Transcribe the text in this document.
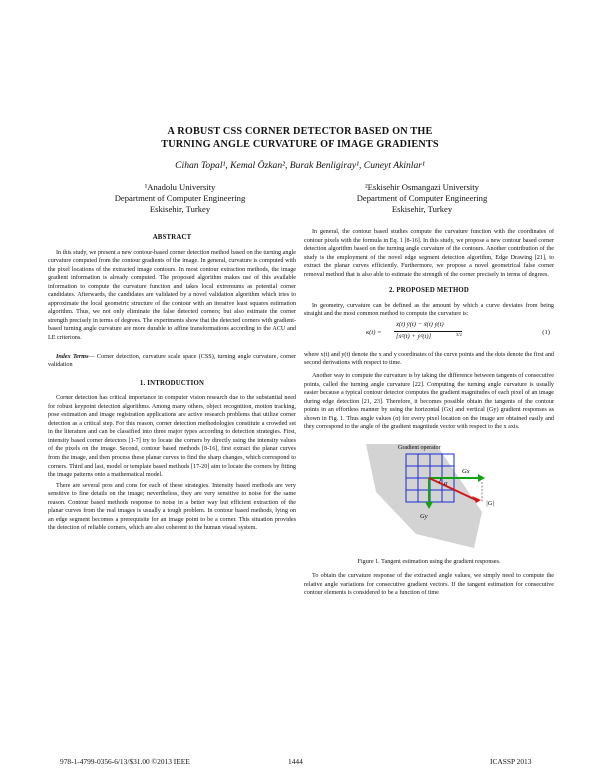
A ROBUST CSS CORNER DETECTOR BASED ON THE
TURNING ANGLE CURVATURE OF IMAGE GRADIENTS
Cihan Topal¹, Kemal Özkan², Burak Benligiray¹, Cuneyt Akinlar¹
¹Anadolu University
Department of Computer Engineering
Eskisehir, Turkey
²Eskisehir Osmangazi University
Department of Computer Engineering
Eskisehir, Turkey
ABSTRACT

In this study, we present a new contour-based corner detection method based on the turning angle curvature computed from the contour gradients of the image. In general, curvature is computed with the pixel locations of the extracted image contours. In most contour extraction methods, the image gradient information is already computed. The proposed algorithm makes use of this available information to compute the curvature function and takes local extremums as potential corner candidates. Afterwards, the candidates are validated by a novel validation algorithm which tries to approximate the local geometric structure of the contour with an iterative least squares estimation algorithm. Thus, we not only eliminate the false detected corners; but also estimate the corner strength precisely in terms of degrees. The experiments show that the detected corners with gradient-based turning angle curvature are more durable to affine transformations according to the ACU and LE criterions.

Index Terms— Corner detection, curvature scale space (CSS), turning angle curvature, corner validation

1. INTRODUCTION

Corner detection has critical importance in computer vision research due to the substantial need for robust keypoint detection algorithms. Among many others, object recognition, motion tracking, pose estimation and image registration applications are active research problems that utilize corner detection as a critical step. For this reason, corner detection methodologies constitute a crowded set in the literature and can be classified into three major types according to detection strategies. First, intensity based corner detectors [1-7] try to locate the corners by directly using the intensity values of the pixels on the image. Second, contour based methods [8-16], first extract the planar curves from the image, and then process these planar curves to find the sharp changes, which correspond to corners. Third and last, model or template based methods [17-20] aim to locate the corners by fitting the image patterns onto a mathematical model.

There are several pros and cons for each of these strategies. Intensity based methods are very sensitive to fine details on the image; nevertheless, they are very sensitive to noise for the same reason. Contour based methods response to noise in a better way but efficient extraction of the planar curves from the real images is usually a tough problem. In contour based methods, lying on an edge segment becomes a prerequisite for an image point to be a corner. This situation provides the detection of reliable corners, which are also coherent to the human visual system.

In general, the contour based studies compute the curvature function with the coordinates of contour pixels with the formula in Eq. 1 [8-16]. In this study, we propose a new contour based corner detection algorithm based on the turning angle curvature of the contours. Another contribution of the study is the employment of the novel edge segment detection algorithm, Edge Drawing [21], to extract the planar curves efficiently. Furthermore, we propose a novel geometrical false corner removal method that is also able to estimate the strength of the corner precisely in terms of degrees.

2. PROPOSED METHOD

In geometry, curvature can be defined as the amount by which a curve deviates from being straight and the most common method to compute the curvature is:

κ(t) =
ẋ(t) ÿ(t) − ẍ(t) ẏ(t)
[ẋ²(t) + ẏ²(t)]	3/2	(1)

where x(t) and y(t) denote the x and y coordinates of the curve points and the dots denote the first and second derivations with respect to time.

Another way to compute the curvature is by taking the difference between tangents of consecutive points, called the turning angle curvature [22]. Computing the turning angle curvature is usually easier because a typical contour detector computes the gradient magnitudes of each pixel of an image during edge detection [21, 23]. Therefore, it becomes possible obtain the tangents of the contour points in an effortless manner by using the horizontal (Gx) and vertical (Gy) gradient responses as shown in Fig. 1. Thus angle values (α) for every pixel location on the image are obtained easily and they correspond to the angle of the gradient magnitude vector with respect to the x axis.

Gradient operator
Gx
Gy
α
|G|
Figure 1. Tangent estimation using the gradient responses.

To obtain the curvature response of the extracted angle values, we simply need to compute the relative angle variations for consecutive gradient vectors. If the tangent estimation for consecutive contour elements is considered to be a function of time

978-1-4799-0356-6/13/$31.00 ©2013 IEEE	1444	ICASSP 2013
